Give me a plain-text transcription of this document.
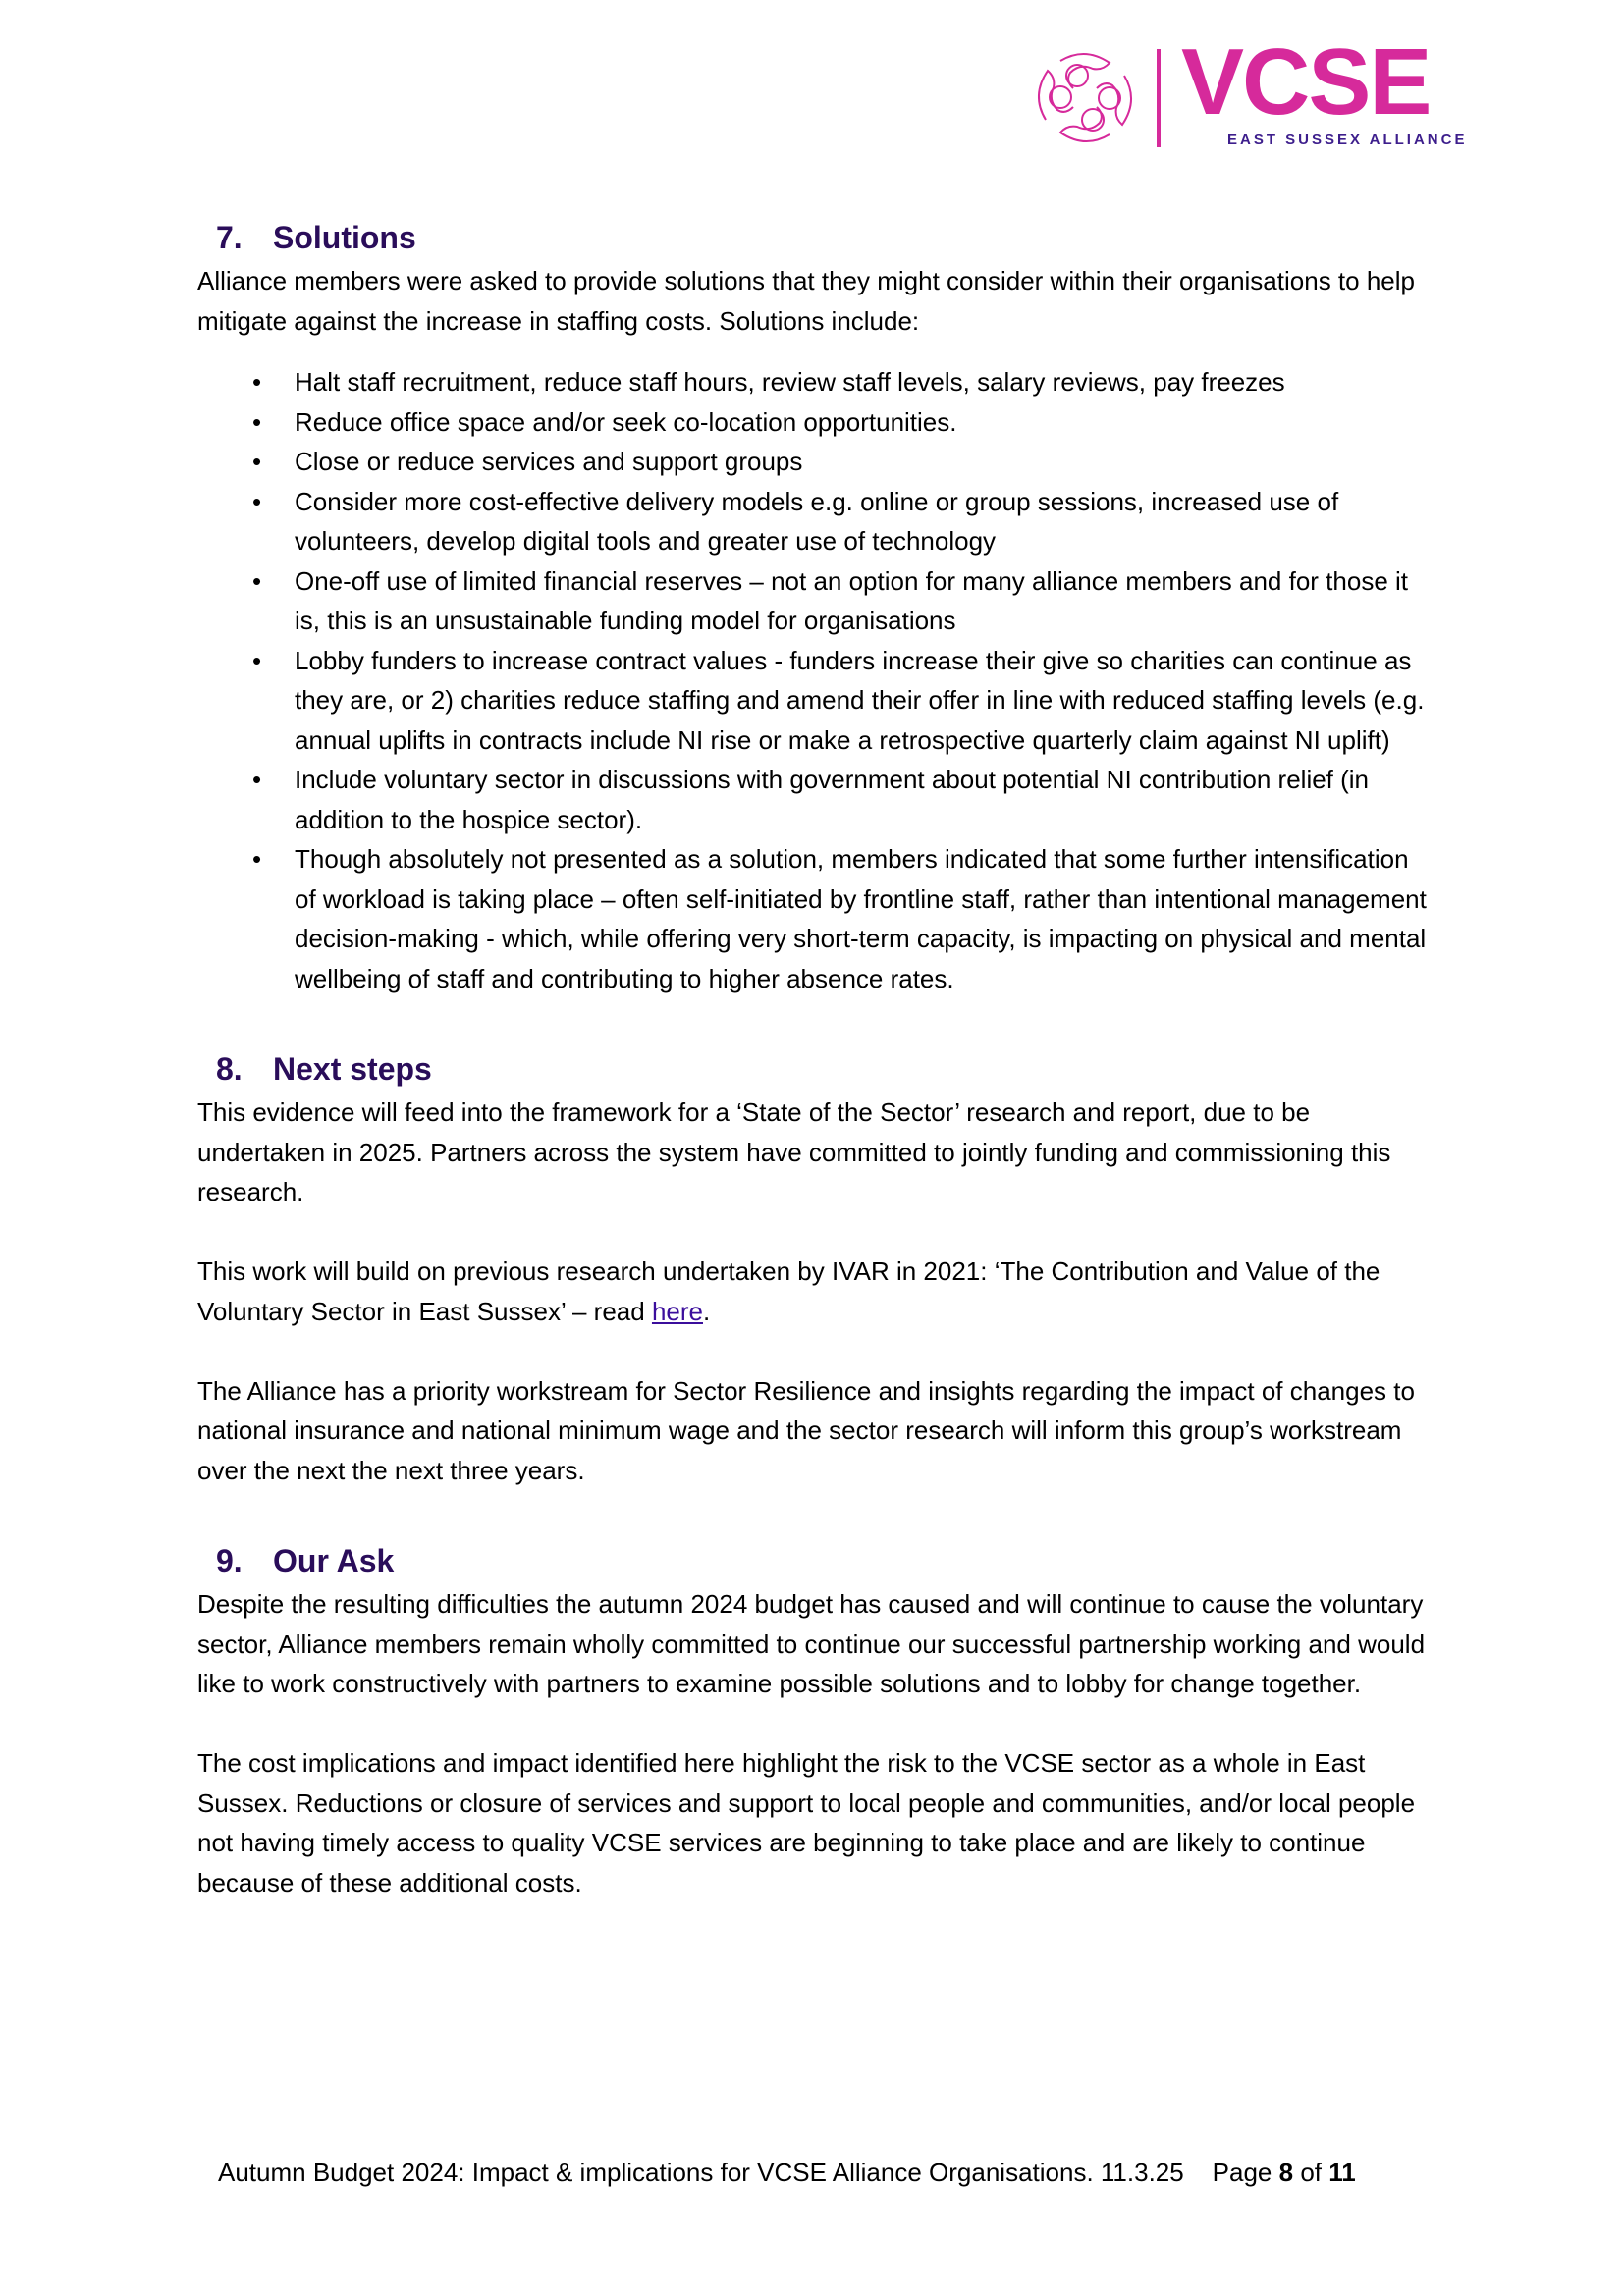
VCSE
EAST SUSSEX ALLIANCE
7. Solutions

Alliance members were asked to provide solutions that they might consider within their organisations to help mitigate against the increase in staffing costs. Solutions include:

• Halt staff recruitment, reduce staff hours, review staff levels, salary reviews, pay freezes
• Reduce office space and/or seek co-location opportunities.
• Close or reduce services and support groups
• Consider more cost-effective delivery models e.g. online or group sessions, increased use of volunteers, develop digital tools and greater use of technology
• One-off use of limited financial reserves – not an option for many alliance members and for those it is, this is an unsustainable funding model for organisations
• Lobby funders to increase contract values - funders increase their give so charities can continue as they are, or 2) charities reduce staffing and amend their offer in line with reduced staffing levels (e.g. annual uplifts in contracts include NI rise or make a retrospective quarterly claim against NI uplift)
• Include voluntary sector in discussions with government about potential NI contribution relief (in addition to the hospice sector).
• Though absolutely not presented as a solution, members indicated that some further intensification of workload is taking place – often self-initiated by frontline staff, rather than intentional management decision-making - which, while offering very short-term capacity, is impacting on physical and mental wellbeing of staff and contributing to higher absence rates.
8. Next steps

This evidence will feed into the framework for a ‘State of the Sector’ research and report, due to be undertaken in 2025. Partners across the system have committed to jointly funding and commissioning this research.

This work will build on previous research undertaken by IVAR in 2021: ‘The Contribution and Value of the Voluntary Sector in East Sussex’ – read here.

The Alliance has a priority workstream for Sector Resilience and insights regarding the impact of changes to national insurance and national minimum wage and the sector research will inform this group’s workstream over the next the next three years.

9. Our Ask

Despite the resulting difficulties the autumn 2024 budget has caused and will continue to cause the voluntary sector, Alliance members remain wholly committed to continue our successful partnership working and would like to work constructively with partners to examine possible solutions and to lobby for change together.

The cost implications and impact identified here highlight the risk to the VCSE sector as a whole in East Sussex. Reductions or closure of services and support to local people and communities, and/or local people not having timely access to quality VCSE services are beginning to take place and are likely to continue because of these additional costs.

Autumn Budget 2024: Impact & implications for VCSE Alliance Organisations. 11.3.25 Page 8 of 11
